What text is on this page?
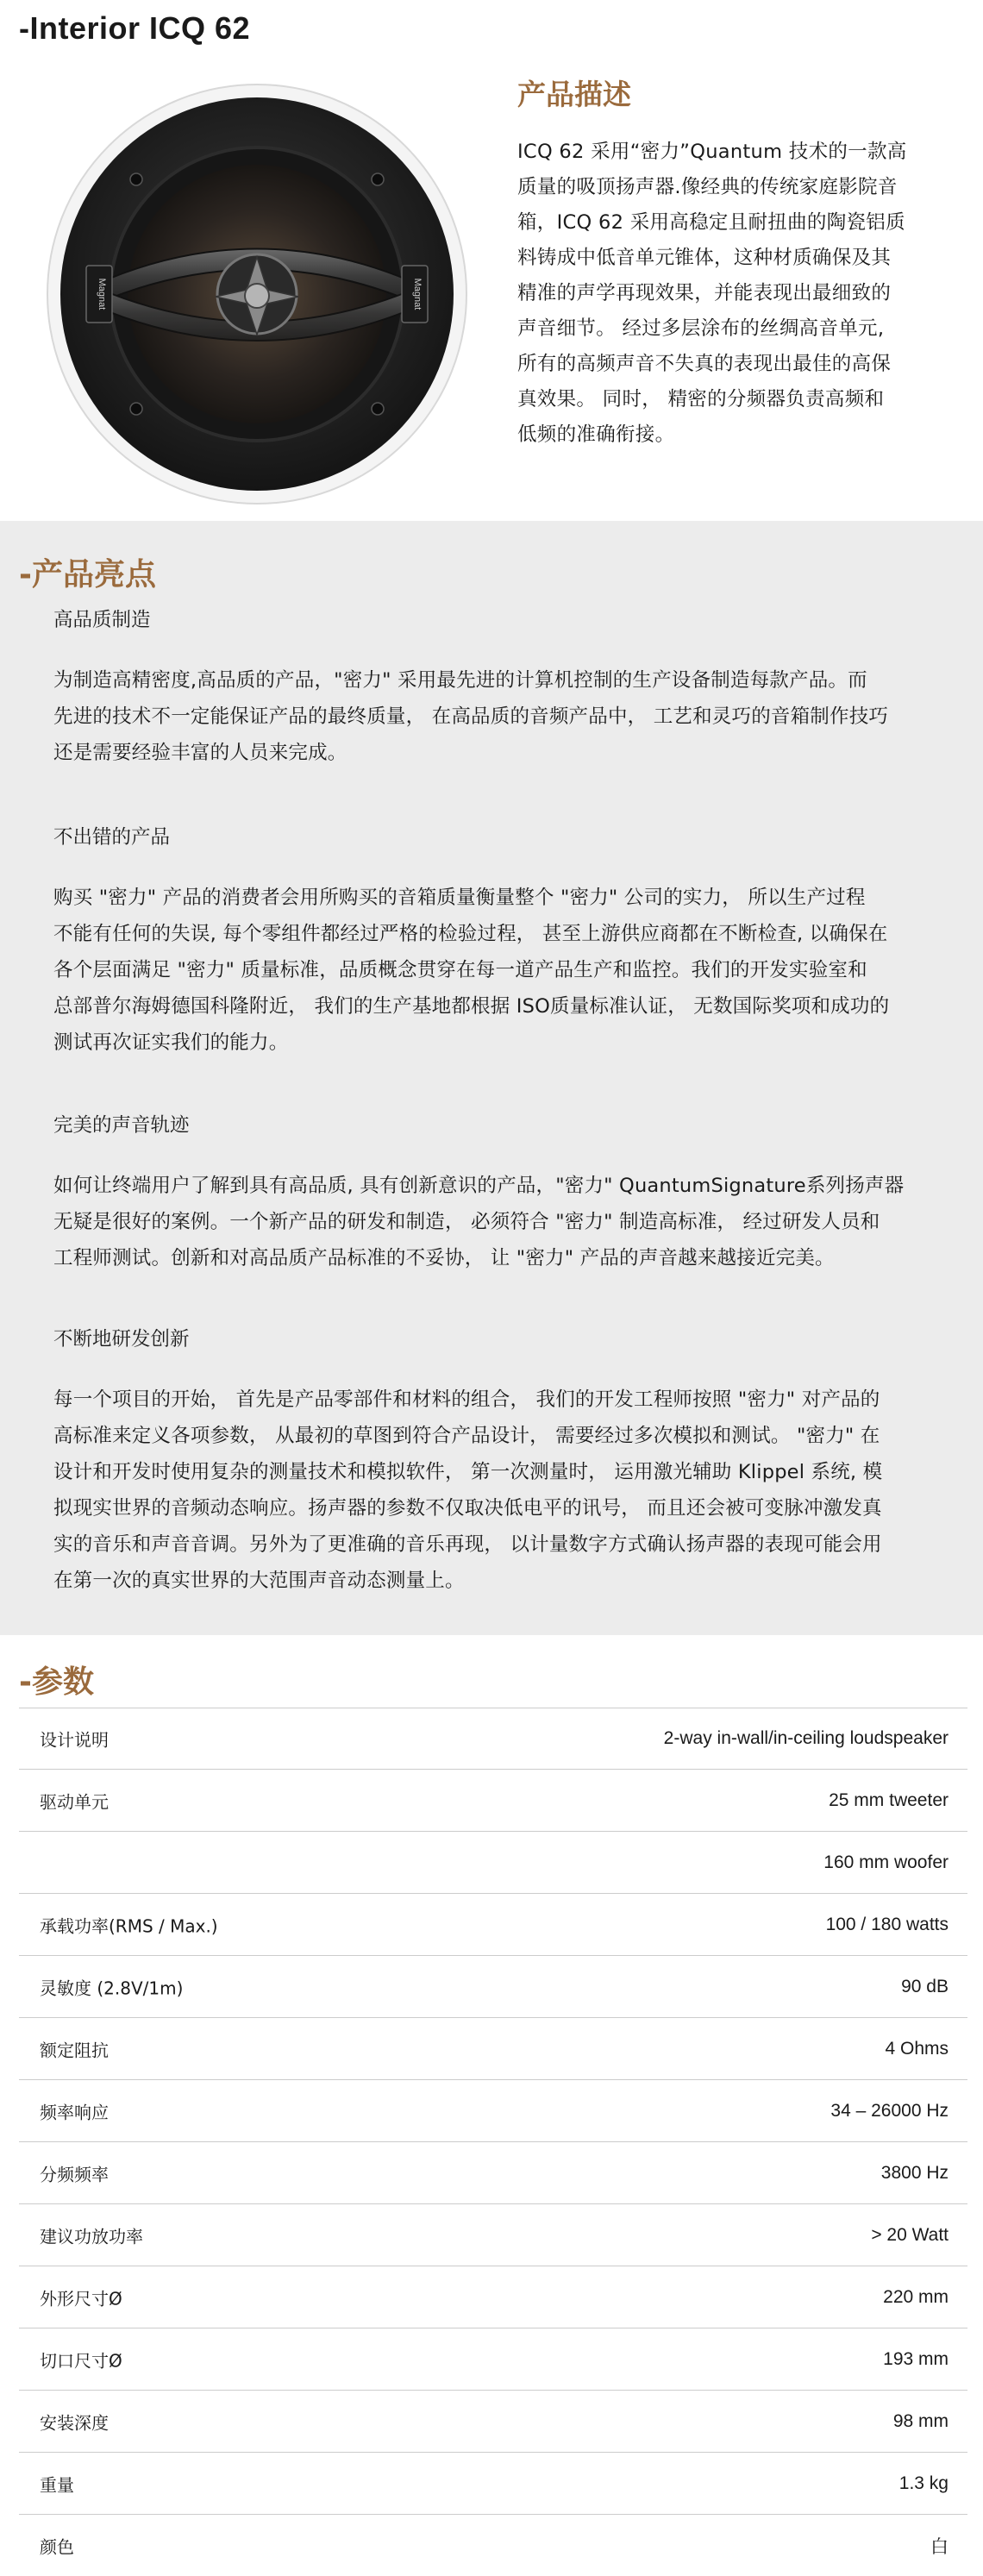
-Interior ICQ 62
Magnat	Magnat
产品描述

ICQ 62 采用“密力”Quantum 技术的一款高
质量的吸顶扬声器.像经典的传统家庭影院音
箱，ICQ 62 采用高稳定且耐扭曲的陶瓷铝质
料铸成中低音单元锥体，这种材质确保及其
精准的声学再现效果，并能表现出最细致的
声音细节。 经过多层涂布的丝绸高音单元,
所有的高频声音不失真的表现出最佳的高保
真效果。 同时， 精密的分频器负责高频和
低频的准确衔接。

-产品亮点
高品质制造
为制造高精密度,高品质的产品，"密力" 采用最先进的计算机控制的生产设备制造每款产品。而
先进的技术不一定能保证产品的最终质量， 在高品质的音频产品中， 工艺和灵巧的音箱制作技巧
还是需要经验丰富的人员来完成。
不出错的产品
购买 "密力" 产品的消费者会用所购买的音箱质量衡量整个 "密力" 公司的实力， 所以生产过程
不能有任何的失误, 每个零组件都经过严格的检验过程， 甚至上游供应商都在不断检查, 以确保在
各个层面满足 "密力" 质量标准，品质概念贯穿在每一道产品生产和监控。我们的开发实验室和
总部普尔海姆德国科隆附近， 我们的生产基地都根据 ISO质量标准认证， 无数国际奖项和成功的
测试再次证实我们的能力。
完美的声音轨迹
如何让终端用户了解到具有高品质, 具有创新意识的产品，"密力" QuantumSignature系列扬声器
无疑是很好的案例。一个新产品的研发和制造， 必须符合 "密力" 制造高标准， 经过研发人员和
工程师测试。创新和对高品质产品标准的不妥协， 让 "密力" 产品的声音越来越接近完美。
不断地研发创新
每一个项目的开始， 首先是产品零部件和材料的组合， 我们的开发工程师按照 "密力" 对产品的
高标准来定义各项参数， 从最初的草图到符合产品设计， 需要经过多次模拟和测试。 "密力" 在
设计和开发时使用复杂的测量技术和模拟软件， 第一次测量时， 运用激光辅助 Klippel 系统, 模
拟现实世界的音频动态响应。扬声器的参数不仅取决低电平的讯号， 而且还会被可变脉冲激发真
实的音乐和声音音调。另外为了更准确的音乐再现， 以计量数字方式确认扬声器的表现可能会用
在第一次的真实世界的大范围声音动态测量上。
-参数
设计说明	2-way in-wall/in-ceiling loudspeaker
驱动单元	25 mm tweeter
160 mm woofer
承载功率(RMS / Max.)	100 / 180 watts
灵敏度 (2.8V/1m)	90 dB
额定阻抗	4 Ohms
频率响应	34 – 26000 Hz
分频频率	3800 Hz
建议功放功率	> 20 Watt
外形尺寸Ø	220 mm
切口尺寸Ø	193 mm
安装深度	98 mm
重量	1.3 kg
颜色	白
